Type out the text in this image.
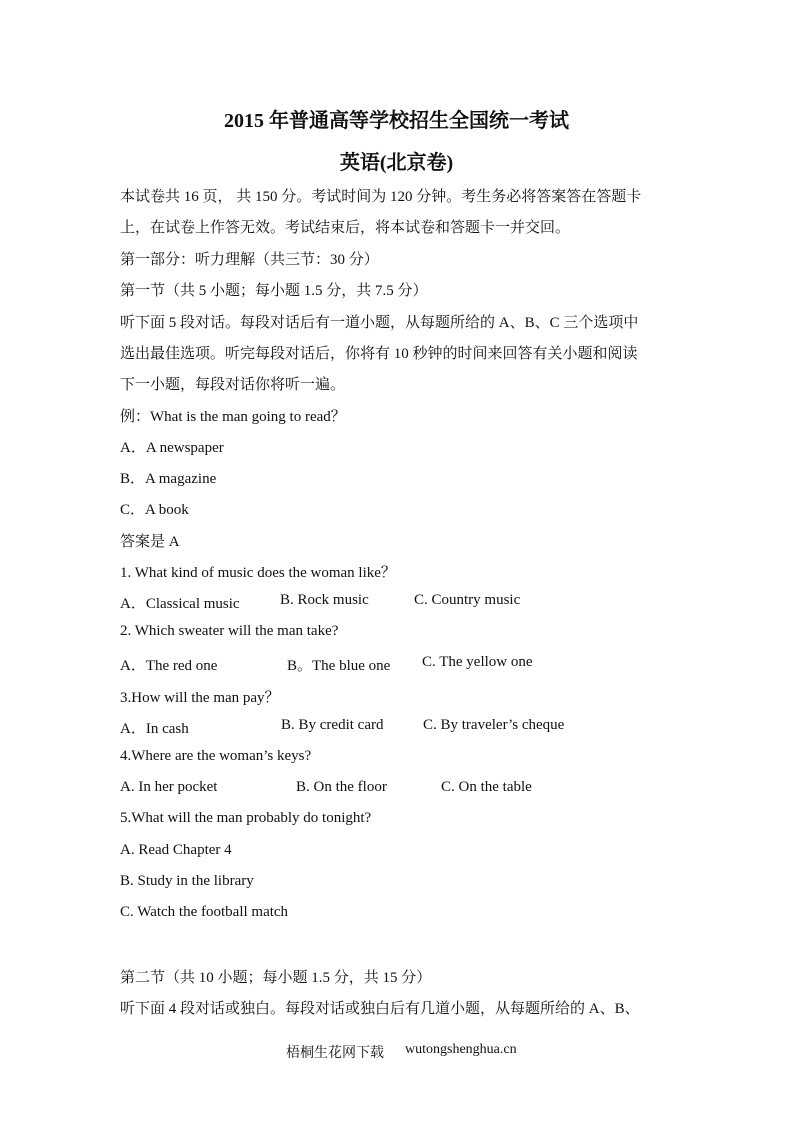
2015 年普通高等学校招生全国统一考试
英语(北京卷)
本试卷共 16 页， 共 150 分。考试时间为 120 分钟。考生务必将答案答在答题卡
上，在试卷上作答无效。考试结束后，将本试卷和答题卡一并交回。
第一部分：听力理解（共三节：30 分）
第一节（共 5 小题；每小题 1.5 分，共 7.5 分）
听下面 5 段对话。每段对话后有一道小题，从每题所给的 A、B、C 三个选项中
选出最佳选项。听完每段对话后，你将有 10 秒钟的时间来回答有关小题和阅读
下一小题，每段对话你将听一遍。
例：What is the man going to read？
A．A newspaper
B．A magazine
C．A book
答案是 A
1. What kind of music does the woman like？
A．Classical music	B. Rock music	C. Country music
2. Which sweater will the man take?
A．The red one	B。The blue one C. The yellow one
3.How will the man pay？
A．In cash	B. By credit card	C. By traveler’s cheque
4.Where are the woman’s keys?
A. In her pocket	B. On the floor	C. On the table
5.What will the man probably do tonight?
A. Read Chapter 4
B. Study in the library
C. Watch the football match
第二节（共 10 小题；每小题 1.5 分，共 15 分）
听下面 4 段对话或独白。每段对话或独白后有几道小题，从每题所给的 A、B、
梧桐生花网下载 wutongshenghua.cn
